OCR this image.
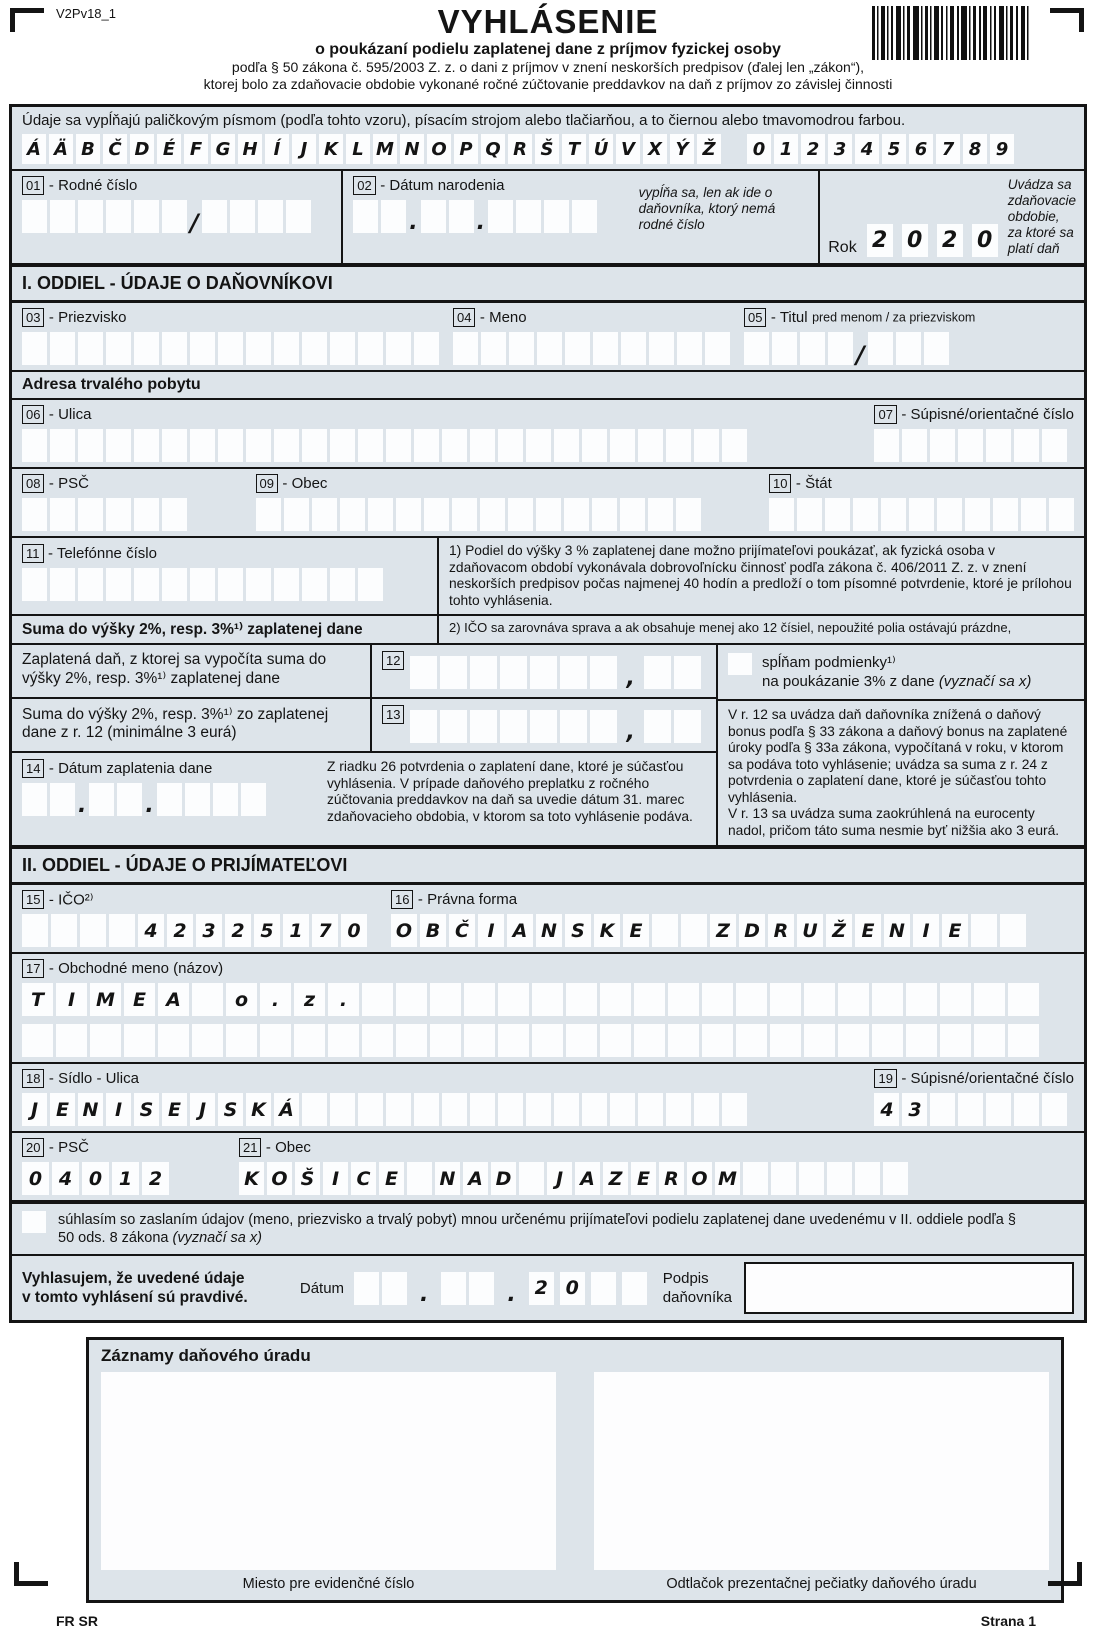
V2Pv18_1	VYHLÁSENIE
o poukázaní podielu zaplatenej dane z príjmov fyzickej osoby
podľa § 50 zákona č. 595/2003 Z. z. o dani z príjmov v znení neskorších predpisov (ďalej len „zákon“),
ktorej bolo za zdaňovacie obdobie vykonané ročné zúčtovanie preddavkov na daň z príjmov zo závislej činnosti
Údaje sa vypĺňajú paličkovým písmom (podľa tohto vzoru), písacím strojom alebo tlačiarňou, a to čiernou alebo tmavomodrou farbou.
Á Ä B Č D É F G H Í	J K L M N O P Q R Š T Ú V X Ý Ž	0 1 2 3 4 5 6 7 8 9
01 - Rodné číslo
/
02 - Dátum narodenia
.	.
vypĺňa sa, len ak ide o daňovníka, ktorý nemá rodné číslo
Rok 2 0 2 0
Uvádza sa zdaňovacie obdobie, za ktoré sa platí daň
I. ODDIEL - ÚDAJE O DAŇOVNÍKOVI
03 - Priezvisko	04 - Meno	05 - Titul pred menom / za priezviskom
/
Adresa trvalého pobytu
06 - Ulica	07 - Súpisné/orientačné číslo
08 - PSČ	09 - Obec	10 - Štát
11 - Telefónne číslo	1) Podiel do výšky 3 % zaplatenej dane možno prijímateľovi poukázať, ak fyzická osoba v zdaňovacom období vykonávala dobrovoľnícku činnosť podľa zákona č. 406/2011 Z. z. v znení neskorších predpisov počas najmenej 40 hodín a predloží o tom písomné potvrdenie, ktoré je prílohou tohto vyhlásenia.
Suma do výšky 2%, resp. 3%¹⁾ zaplatenej dane	2) IČO sa zarovnáva sprava a ak obsahuje menej ako 12 čísiel, nepoužité polia ostávajú prázdne,
Zaplatená daň, z ktorej sa vypočíta suma do výšky 2%, resp. 3%¹⁾ zaplatenej dane
12
,
Suma do výšky 2%, resp. 3%¹⁾ zo zaplatenej dane z r. 12 (minimálne 3 eurá)
13
,
14 - Dátum zaplatenia dane
.	.
Z riadku 26 potvrdenia o zaplatení dane, ktoré je súčasťou vyhlásenia. V prípade daňového preplatku z ročného zúčtovania preddavkov na daň sa uvedie dátum 31. marec zdaňovacieho obdobia, v ktorom sa toto vyhlásenie podáva.
spĺňam podmienky¹⁾
na poukázanie 3% z dane (vyznačí sa x)
V r. 12 sa uvádza daň daňovníka znížená o daňový bonus podľa § 33 zákona a daňový bonus na zaplatené úroky podľa § 33a zákona, vypočítaná v roku, v ktorom sa podáva toto vyhlásenie; uvádza sa suma z r. 24 z potvrdenia o zaplatení dane, ktoré je súčasťou tohto vyhlásenia.
V r. 13 sa uvádza suma zaokrúhlená na eurocenty nadol, pričom táto suma nesmie byť nižšia ako 3 eurá.
II. ODDIEL - ÚDAJE O PRIJÍMATEĽOVI
15 - IČO²⁾
4 2 3 2 5 1 7 0
16 - Právna forma
O B Č I A N S K E	Z D R U Ž E N I E
17 - Obchodné meno (názov)
T	I	M E	A	o	.	z	.
18 - Sídlo - Ulica
J E N I S E J S K Á
19 - Súpisné/orientačné číslo
4 3
20 - PSČ
0 4 0 1 2
21 - Obec
K O Š I C E	N A D	J A Z E R O M
súhlasím so zaslaním údajov (meno, priezvisko a trvalý pobyt) mnou určenému prijímateľovi podielu zaplatenej dane uvedenému v II. oddiele podľa § 50 ods. 8 zákona (vyznačí sa x)
Vyhlasujem, že uvedené údaje
v tomto vyhlásení sú pravdivé.
Dátum	.	. 2 0	Podpis
daňovníka
Záznamy daňového úradu
Miesto pre evidenčné číslo	Odtlačok prezentačnej pečiatky daňového úradu
FR SR	Strana 1
